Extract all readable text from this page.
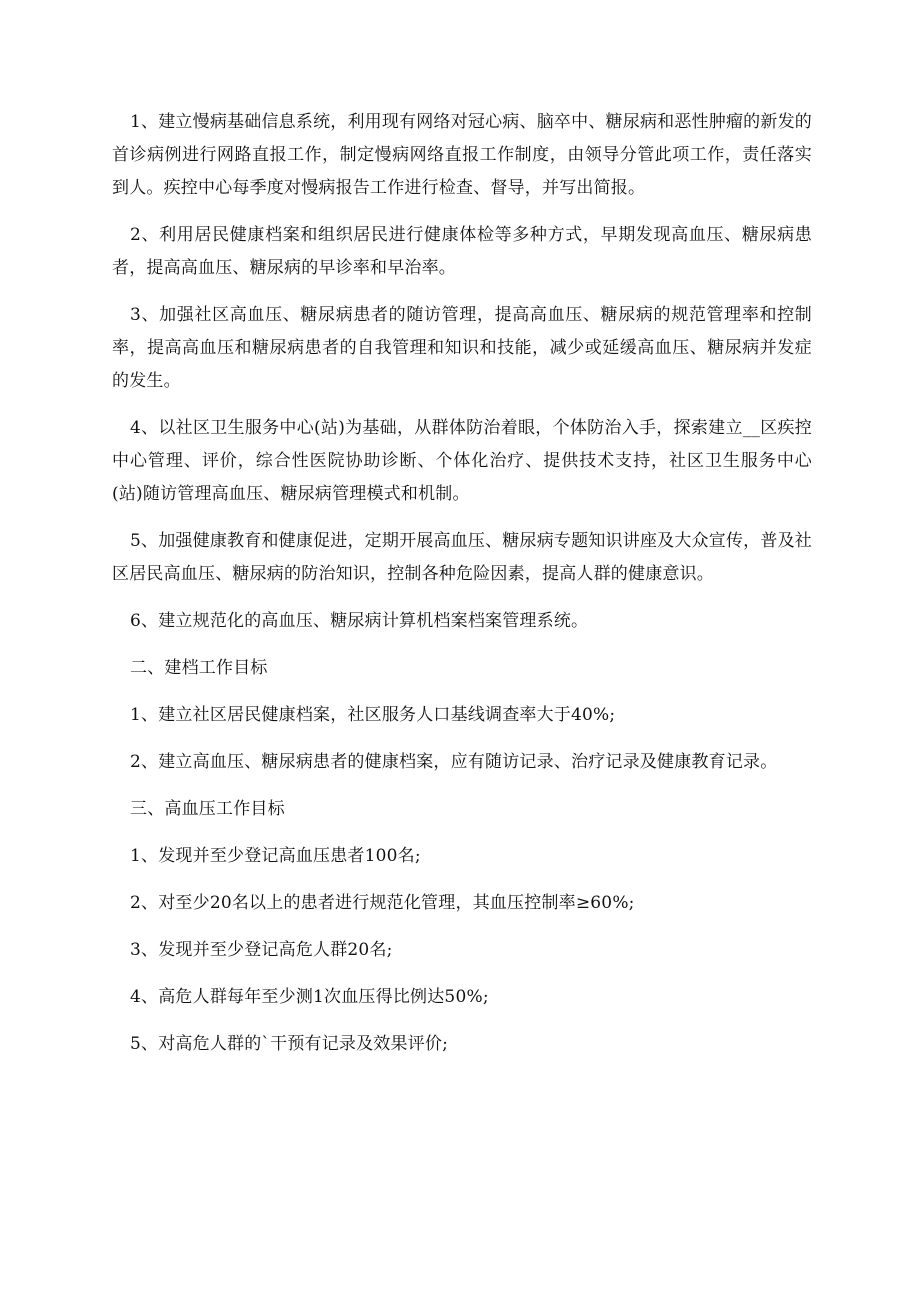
1、建立慢病基础信息系统，利用现有网络对冠心病、脑卒中、糖尿病和恶性肿瘤的新发的首诊病例进行网路直报工作，制定慢病网络直报工作制度，由领导分管此项工作，责任落实到人。疾控中心每季度对慢病报告工作进行检查、督导，并写出简报。

2、利用居民健康档案和组织居民进行健康体检等多种方式，早期发现高血压、糖尿病患者，提高高血压、糖尿病的早诊率和早治率。

3、加强社区高血压、糖尿病患者的随访管理，提高高血压、糖尿病的规范管理率和控制率，提高高血压和糖尿病患者的自我管理和知识和技能，减少或延缓高血压、糖尿病并发症的发生。

4、以社区卫生服务中心(站)为基础，从群体防治着眼，个体防治入手，探索建立__区疾控中心管理、评价，综合性医院协助诊断、个体化治疗、提供技术支持，社区卫生服务中心(站)随访管理高血压、糖尿病管理模式和机制。

5、加强健康教育和健康促进，定期开展高血压、糖尿病专题知识讲座及大众宣传，普及社区居民高血压、糖尿病的防治知识，控制各种危险因素，提高人群的健康意识。

6、建立规范化的高血压、糖尿病计算机档案档案管理系统。

二、建档工作目标

1、建立社区居民健康档案，社区服务人口基线调查率大于40%;

2、建立高血压、糖尿病患者的健康档案，应有随访记录、治疗记录及健康教育记录。

三、高血压工作目标

1、发现并至少登记高血压患者100名;

2、对至少20名以上的患者进行规范化管理，其血压控制率≥60%;

3、发现并至少登记高危人群20名;

4、高危人群每年至少测1次血压得比例达50%;

5、对高危人群的`干预有记录及效果评价;
